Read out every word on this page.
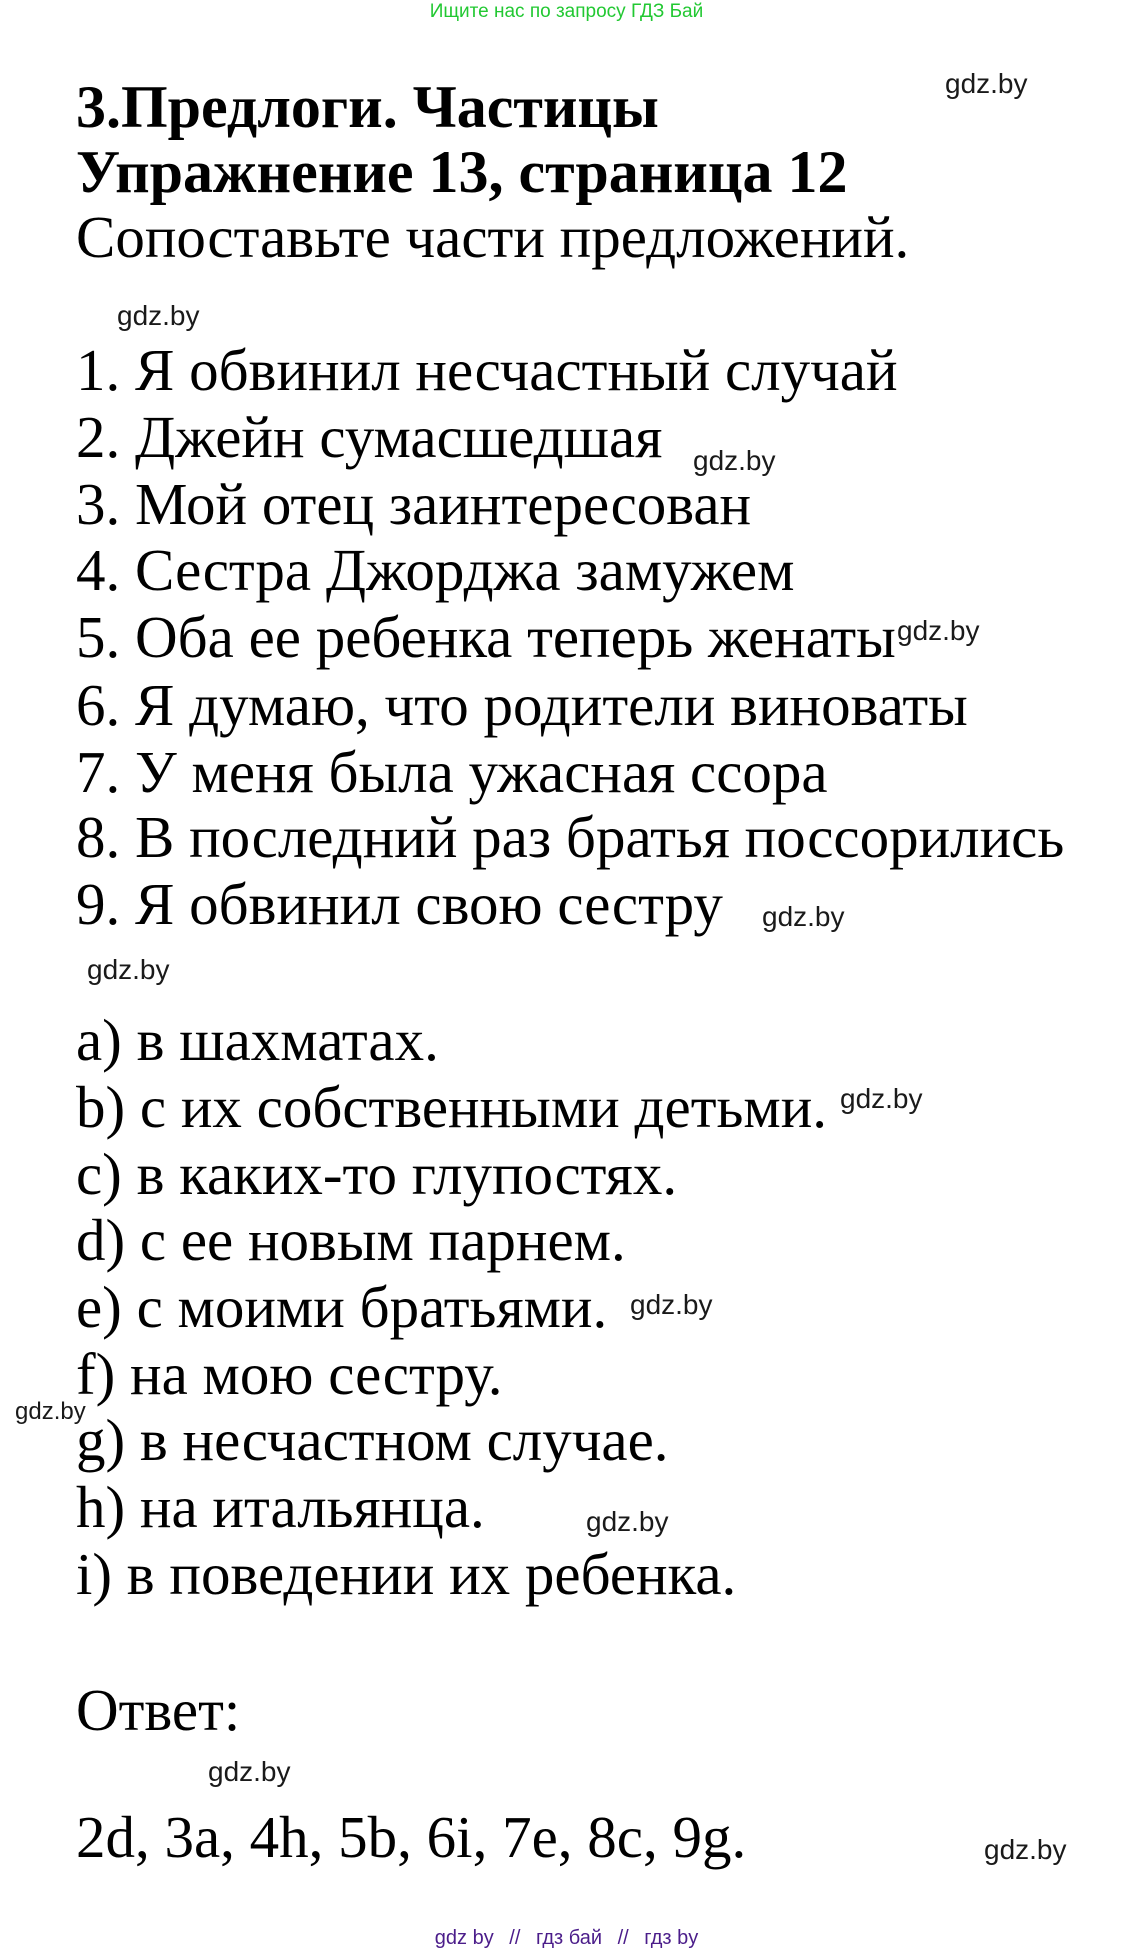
Ищите нас по запросу ГДЗ Бай
3.Предлоги. Частицы
Упражнение 13, страница 12
Сопоставьте части предложений.
1. Я обвинил несчастный случай
2. Джейн сумасшедшая
3. Мой отец заинтересован
4. Сестра Джорджа замужем
5. Оба ее ребенка теперь женаты
6. Я думаю, что родители виноваты
7. У меня была ужасная ссора
8. В последний раз братья поссорились
9. Я обвинил свою сестру
a) в шахматах.
b) с их собственными детьми.
c) в каких-то глупостях.
d) с ее новым парнем.
e) с моими братьями.
f) на мою сестру.
g) в несчастном случае.
h) на итальянца.
i) в поведении их ребенка.
Ответ:
2d, 3a, 4h, 5b, 6i, 7e, 8c, 9g.
gdz.by
gdz.by
gdz.by
gdz.by
gdz.by
gdz.by
gdz.by
gdz.by
gdz.by
gdz.by
gdz.by
gdz.by
gdz by // гдз бай // гдз by
